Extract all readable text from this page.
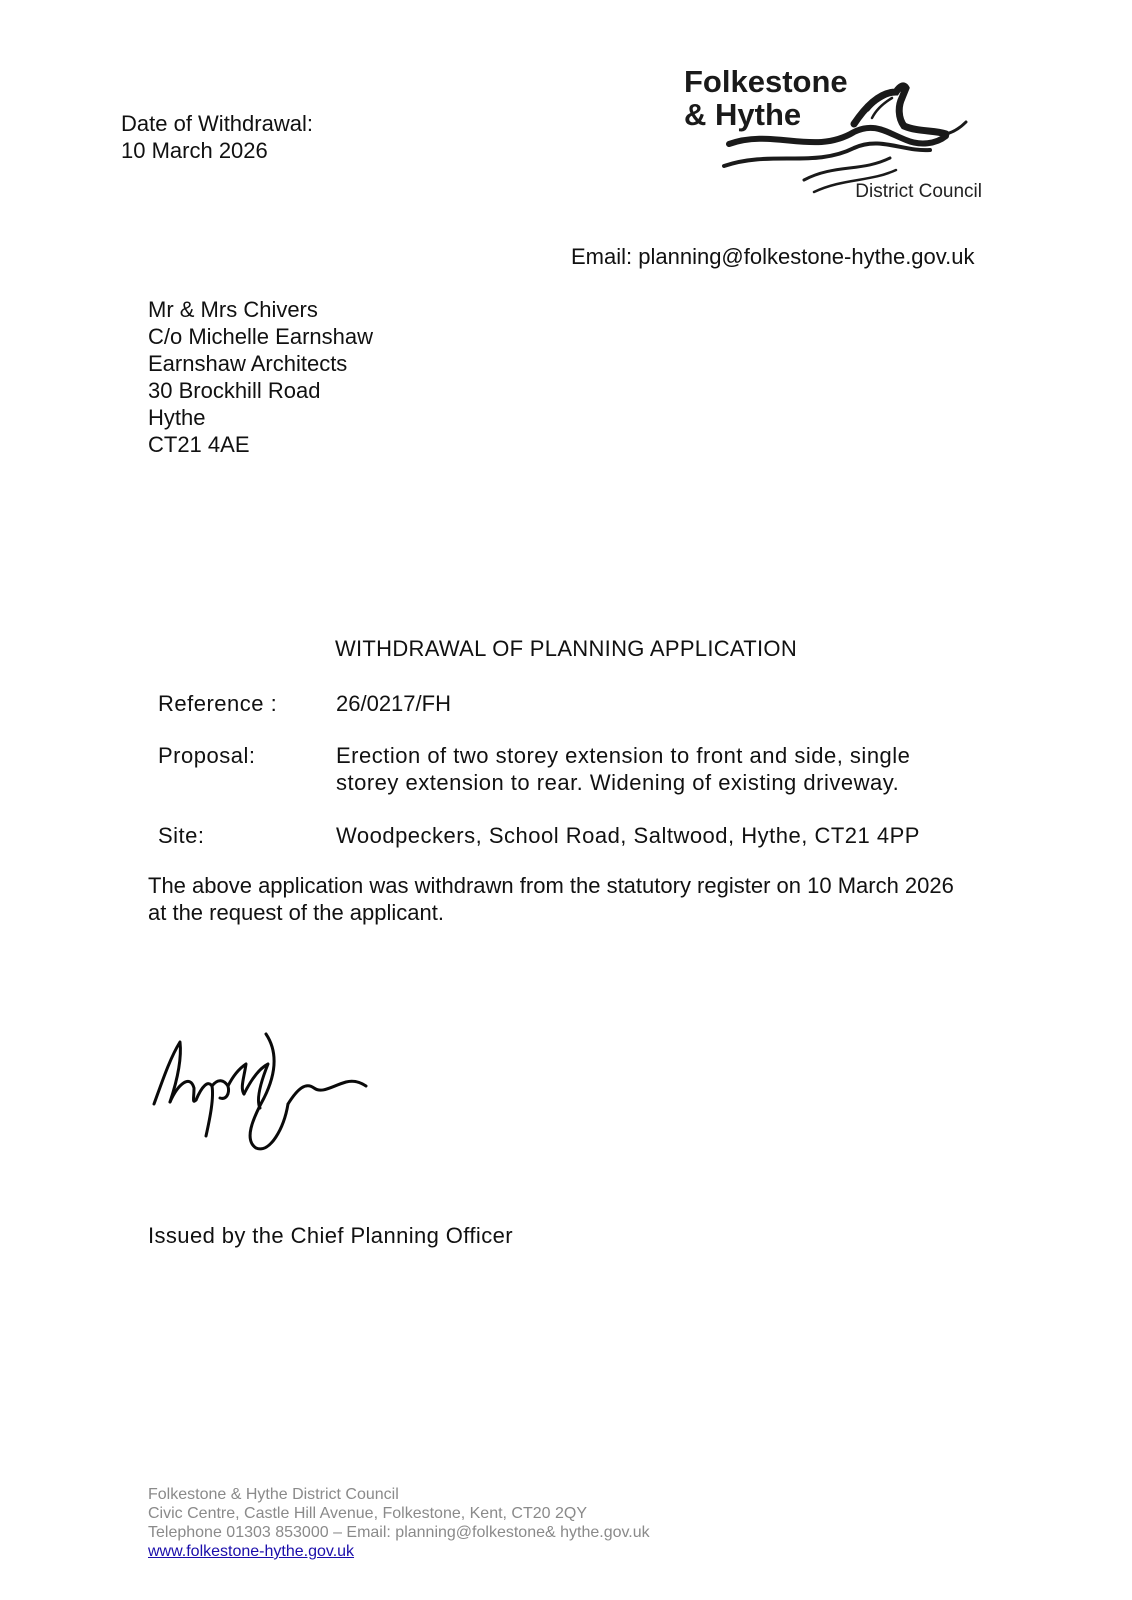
Date of Withdrawal:
10 March 2026
Folkestone
& Hythe
District Council
Email: planning@folkestone-hythe.gov.uk
Mr & Mrs Chivers
C/o Michelle Earnshaw
Earnshaw Architects
30 Brockhill Road
Hythe
CT21 4AE
WITHDRAWAL OF PLANNING APPLICATION
Reference :	26/0217/FH
Proposal:	Erection of two storey extension to front and side, single
storey extension to rear. Widening of existing driveway.
Site:	Woodpeckers, School Road, Saltwood, Hythe, CT21 4PP
The above application was withdrawn from the statutory register on 10 March 2026
at the request of the applicant.
Issued by the Chief Planning Officer
Folkestone & Hythe District Council
Civic Centre, Castle Hill Avenue, Folkestone, Kent, CT20 2QY
Telephone 01303 853000 – Email: planning@folkestone& hythe.gov.uk
www.folkestone-hythe.gov.uk
